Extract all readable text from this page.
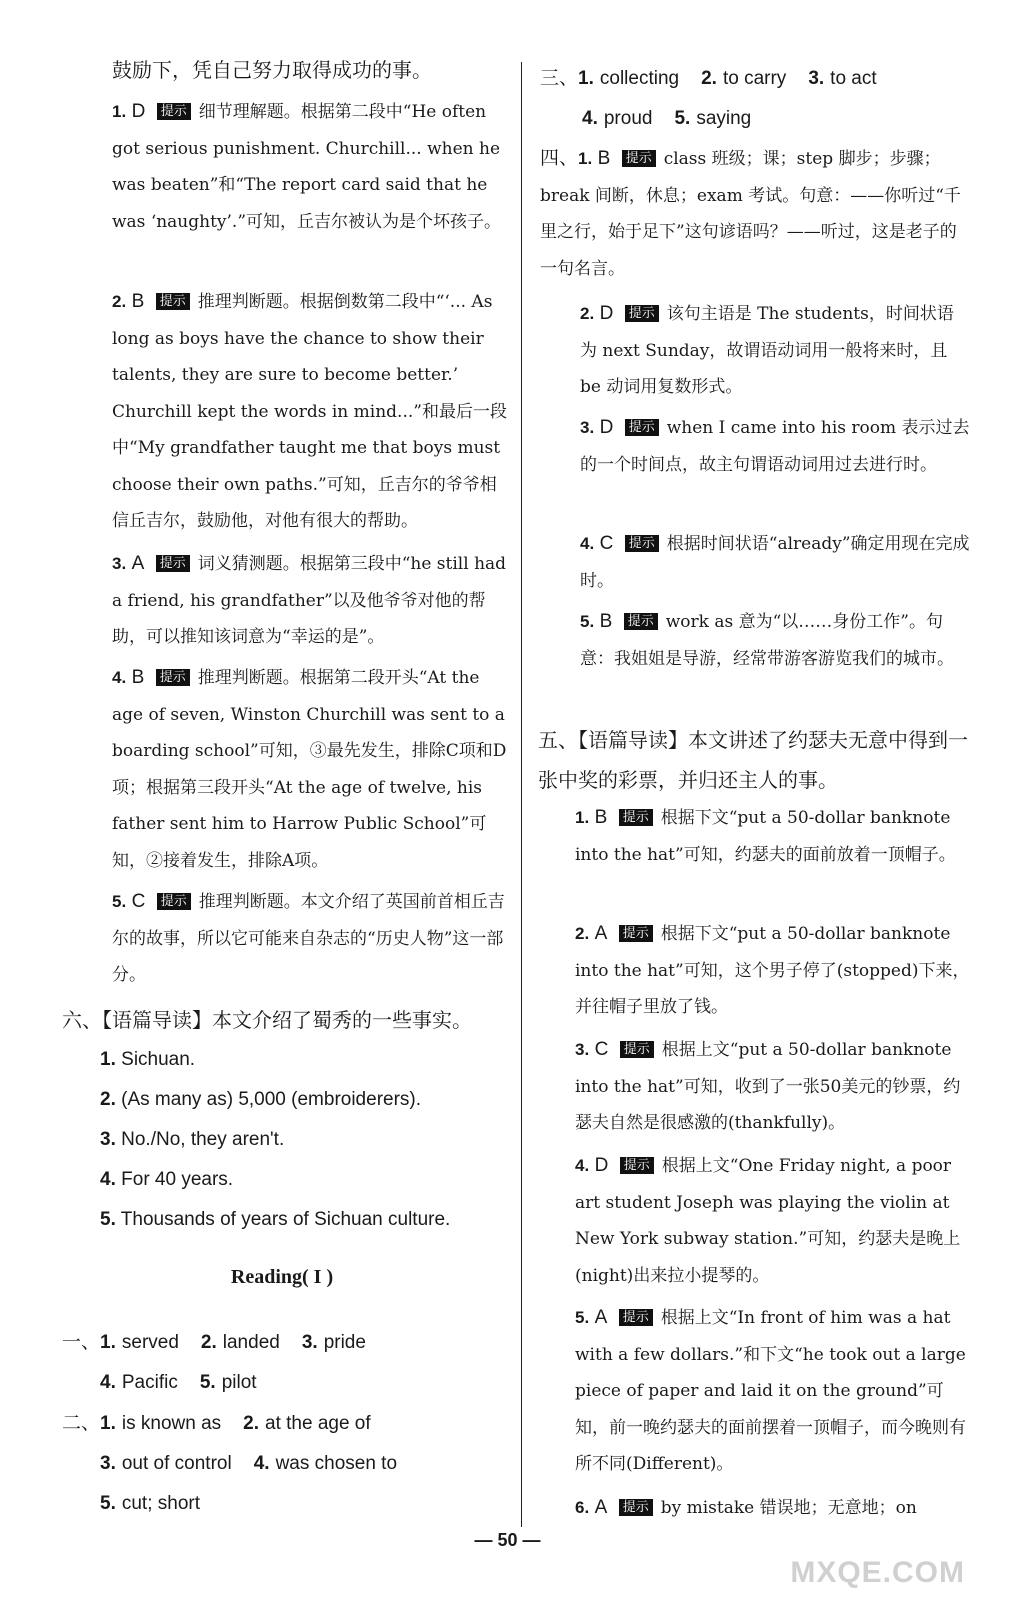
鼓励下，凭自己努力取得成功的事。
1. D 提示 细节理解题。根据第二段中“He often got serious punishment. Churchill... when he was beaten”和“The report card said that he was ‘naughty’.”可知，丘吉尔被认为是个坏孩子。
2. B 提示 推理判断题。根据倒数第二段中“‘... As long as boys have the chance to show their talents, they are sure to become better.’ Churchill kept the words in mind...”和最后一段中“My grandfather taught me that boys must choose their own paths.”可知，丘吉尔的爷爷相信丘吉尔，鼓励他，对他有很大的帮助。
3. A 提示 词义猜测题。根据第三段中“he still had a friend, his grandfather”以及他爷爷对他的帮助，可以推知该词意为“幸运的是”。
4. B 提示 推理判断题。根据第二段开头“At the age of seven, Winston Churchill was sent to a boarding school”可知，③最先发生，排除C项和D项；根据第三段开头“At the age of twelve, his father sent him to Harrow Public School”可知，②接着发生，排除A项。
5. C 提示 推理判断题。本文介绍了英国前首相丘吉尔的故事，所以它可能来自杂志的“历史人物”这一部分。
六、【语篇导读】本文介绍了蜀秀的一些事实。
1. Sichuan.
2. (As many as) 5,000 (embroiderers).
3. No./No, they aren't.
4. For 40 years.
5. Thousands of years of Sichuan culture.
Reading( I )
一、1. served 2. landed 3. pride
4. Pacific 5. pilot
二、1. is known as 2. at the age of
3. out of control 4. was chosen to
5. cut; short
三、1. collecting 2. to carry 3. to act
4. proud 5. saying
四、1. B 提示 class 班级；课；step 脚步；步骤；break 间断，休息；exam 考试。句意：——你听过“千里之行，始于足下”这句谚语吗？——听过，这是老子的一句名言。
2. D 提示 该句主语是 The students，时间状语为 next Sunday，故谓语动词用一般将来时，且 be 动词用复数形式。
3. D 提示 when I came into his room 表示过去的一个时间点，故主句谓语动词用过去进行时。
4. C 提示 根据时间状语“already”确定用现在完成时。
5. B 提示 work as 意为“以……身份工作”。句意：我姐姐是导游，经常带游客游览我们的城市。
五、【语篇导读】本文讲述了约瑟夫无意中得到一张中奖的彩票，并归还主人的事。
1. B 提示 根据下文“put a 50-dollar banknote into the hat”可知，约瑟夫的面前放着一顶帽子。
2. A 提示 根据下文“put a 50-dollar banknote into the hat”可知，这个男子停了(stopped)下来，并往帽子里放了钱。
3. C 提示 根据上文“put a 50-dollar banknote into the hat”可知，收到了一张50美元的钞票，约瑟夫自然是很感激的(thankfully)。
4. D 提示 根据上文“One Friday night, a poor art student Joseph was playing the violin at New York subway station.”可知，约瑟夫是晚上(night)出来拉小提琴的。
5. A 提示 根据上文“In front of him was a hat with a few dollars.”和下文“he took out a large piece of paper and laid it on the ground”可知，前一晚约瑟夫的面前摆着一顶帽子，而今晚则有所不同(Different)。
6. A 提示 by mistake 错误地；无意地；on
— 50 —
MXQE.COM
